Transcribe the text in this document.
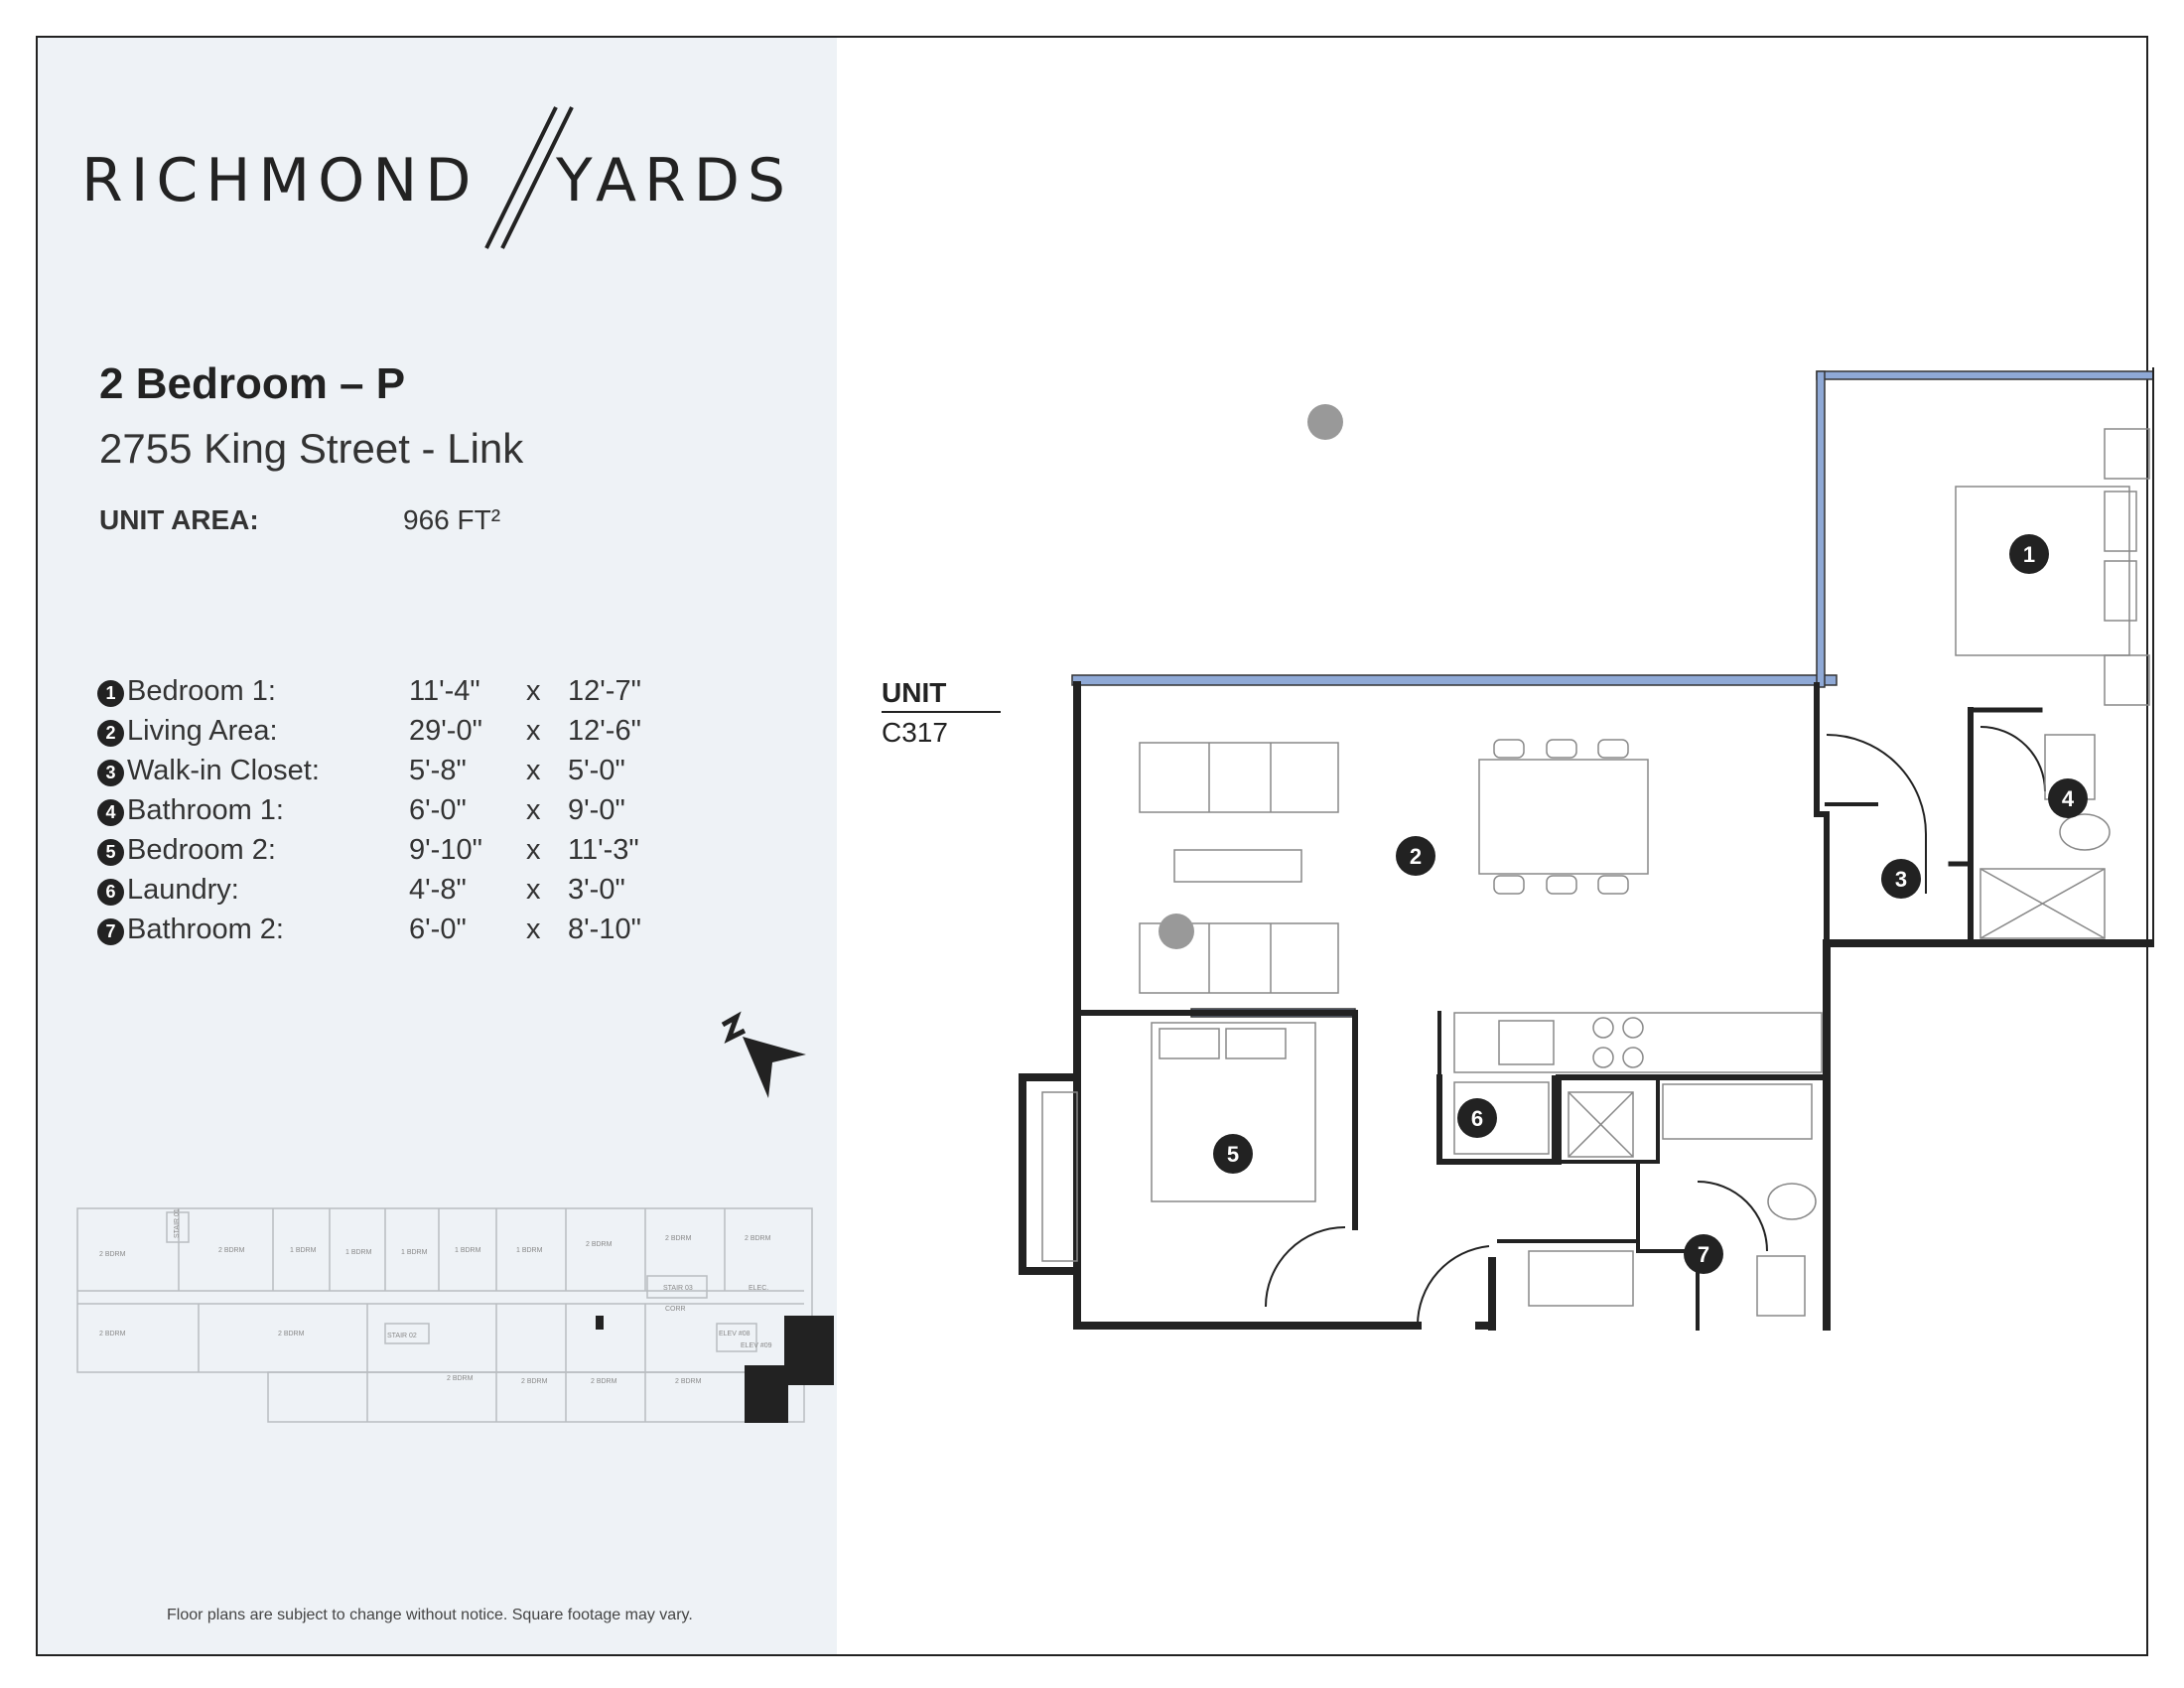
RICHMOND YARDS
2 Bedroom – P
2755 King Street - Link
UNIT AREA:	966 FT²
1 Bedroom 1:	11'-4" x 12'-7"
2 Living Area:	29'-0" x 12'-6"
3 Walk-in Closet:	5'-8" x 5'-0"
4 Bathroom 1:	6'-0" x 9'-0"
5 Bedroom 2:	9'-10" x 11'-3"
6 Laundry:	4'-8" x 3'-0"
7 Bathroom 2:	6'-0" x 8'-10"
2 BDRM
2 BDRM	1 BDRM	1 BDRM	1 BDRM	1 BDRM	1 BDRM
2 BDRM
2 BDRM	2 BDRM
2 BDRM	2 BDRM
2 BDRM	2 BDRM	2 BDRM	2 BDRM
CORR
ELEC.
STAIR 01
STAIR 02
STAIR 03
ELEV #08
ELEV #09
Floor plans are subject to change without notice. Square footage may vary.
UNIT
C317
1
2
3
4
5
6
7
